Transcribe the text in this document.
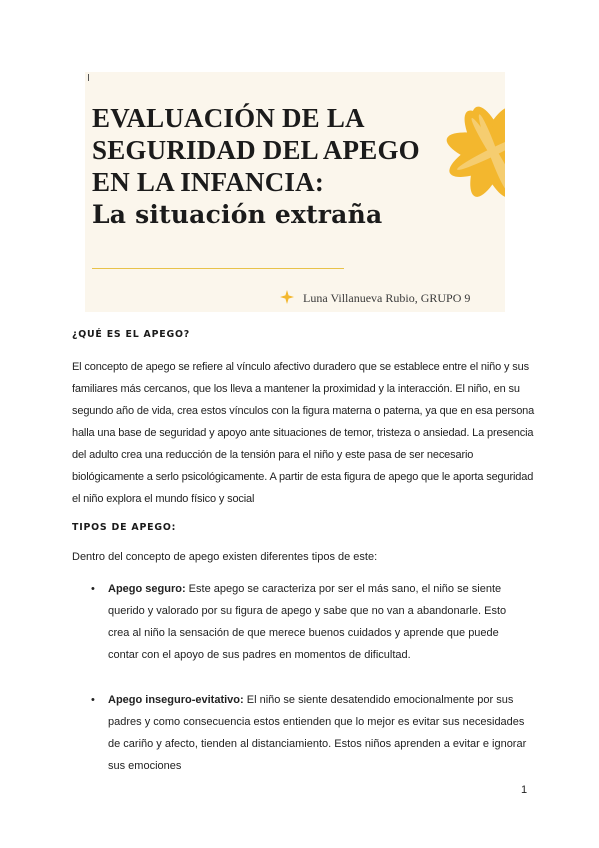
EVALUACIÓN DE LA
SEGURIDAD DEL APEGO
EN LA INFANCIA:
La situación extraña
Luna Villanueva Rubio, GRUPO 9
¿QUÉ ES EL APEGO?

El concepto de apego se refiere al vínculo afectivo duradero que se establece entre el niño y sus familiares más cercanos, que los lleva a mantener la proximidad y la interacción. El niño, en su segundo año de vida, crea estos vínculos con la figura materna o paterna, ya que en esa persona halla una base de seguridad y apoyo ante situaciones de temor, tristeza o ansiedad. La presencia del adulto crea una reducción de la tensión para el niño y este pasa de ser necesario biológicamente a serlo psicológicamente. A partir de esta figura de apego que le aporta seguridad el niño explora el mundo físico y social

TIPOS DE APEGO:

Dentro del concepto de apego existen diferentes tipos de este:

• Apego seguro: Este apego se caracteriza por ser el más sano, el niño se siente querido y valorado por su figura de apego y sabe que no van a abandonarle. Esto crea al niño la sensación de que merece buenos cuidados y aprende que puede contar con el apoyo de sus padres en momentos de dificultad.
• Apego inseguro-evitativo: El niño se siente desatendido emocionalmente por sus padres y como consecuencia estos entienden que lo mejor es evitar sus necesidades de cariño y afecto, tienden al distanciamiento. Estos niños aprenden a evitar e ignorar sus emociones
1
